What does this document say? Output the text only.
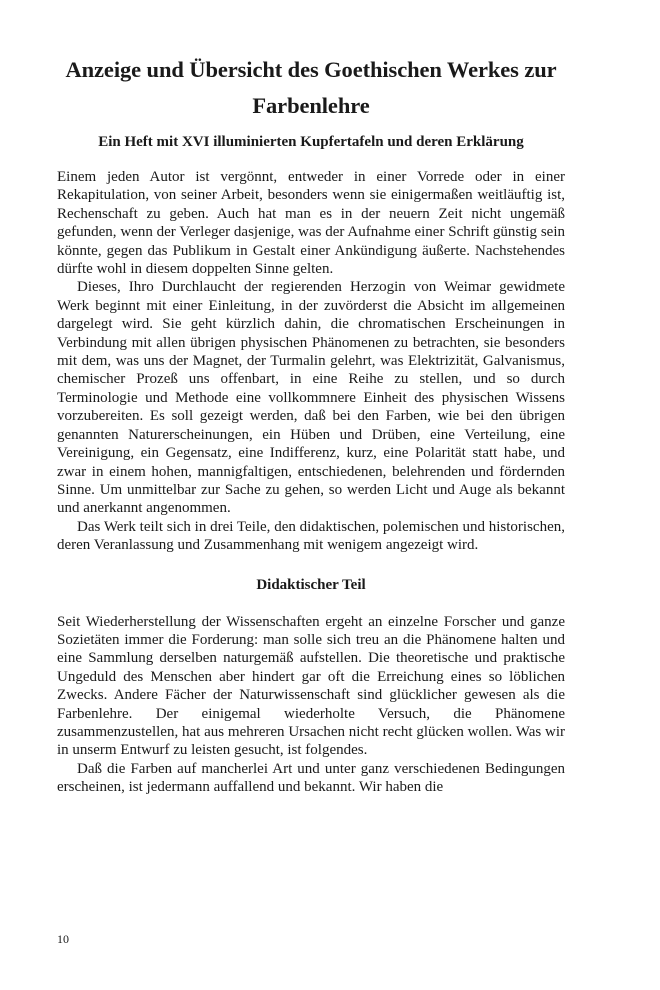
Anzeige und Übersicht des Goethischen Werkes zur
Farbenlehre
Ein Heft mit XVI illuminierten Kupfertafeln und deren Erklärung

Einem jeden Autor ist vergönnt, entweder in einer Vorrede oder in einer Rekapitulation, von seiner Arbeit, besonders wenn sie einigermaßen weitläuftig ist, Rechenschaft zu geben. Auch hat man es in der neuern Zeit nicht ungemäß gefunden, wenn der Verleger dasjenige, was der Aufnahme einer Schrift günstig sein könnte, gegen das Publikum in Gestalt einer Ankündigung äußerte. Nachstehendes dürfte wohl in diesem doppelten Sinne gelten.

Dieses, Ihro Durchlaucht der regierenden Herzogin von Weimar gewidmete Werk beginnt mit einer Einleitung, in der zuvörderst die Absicht im allgemeinen dargelegt wird. Sie geht kürzlich dahin, die chromatischen Erscheinungen in Verbindung mit allen übrigen physischen Phänomenen zu betrachten, sie besonders mit dem, was uns der Magnet, der Turmalin gelehrt, was Elektrizität, Galvanismus, chemischer Prozeß uns offenbart, in eine Reihe zu stellen, und so durch Terminologie und Methode eine vollkommnere Einheit des physischen Wissens vorzubereiten. Es soll gezeigt werden, daß bei den Farben, wie bei den übrigen genannten Naturerscheinungen, ein Hüben und Drüben, eine Verteilung, eine Vereinigung, ein Gegensatz, eine Indifferenz, kurz, eine Polarität statt habe, und zwar in einem hohen, mannigfaltigen, entschiedenen, belehrenden und fördernden Sinne. Um unmittelbar zur Sache zu gehen, so werden Licht und Auge als bekannt und anerkannt angenommen.

Das Werk teilt sich in drei Teile, den didaktischen, polemischen und historischen, deren Veranlassung und Zusammenhang mit wenigem angezeigt wird.

Didaktischer Teil

Seit Wiederherstellung der Wissenschaften ergeht an einzelne Forscher und ganze Sozietäten immer die Forderung: man solle sich treu an die Phänomene halten und eine Sammlung derselben naturgemäß aufstellen. Die theoretische und praktische Ungeduld des Menschen aber hindert gar oft die Erreichung eines so löblichen Zwecks. Andere Fächer der Naturwissenschaft sind glücklicher gewesen als die Farbenlehre. Der einigemal wiederholte Versuch, die Phänomene zusammenzustellen, hat aus mehreren Ursachen nicht recht glücken wollen. Was wir in unserm Entwurf zu leisten gesucht, ist folgendes.

Daß die Farben auf mancherlei Art und unter ganz verschiedenen Bedingungen erscheinen, ist jedermann auffallend und bekannt. Wir haben die

10
